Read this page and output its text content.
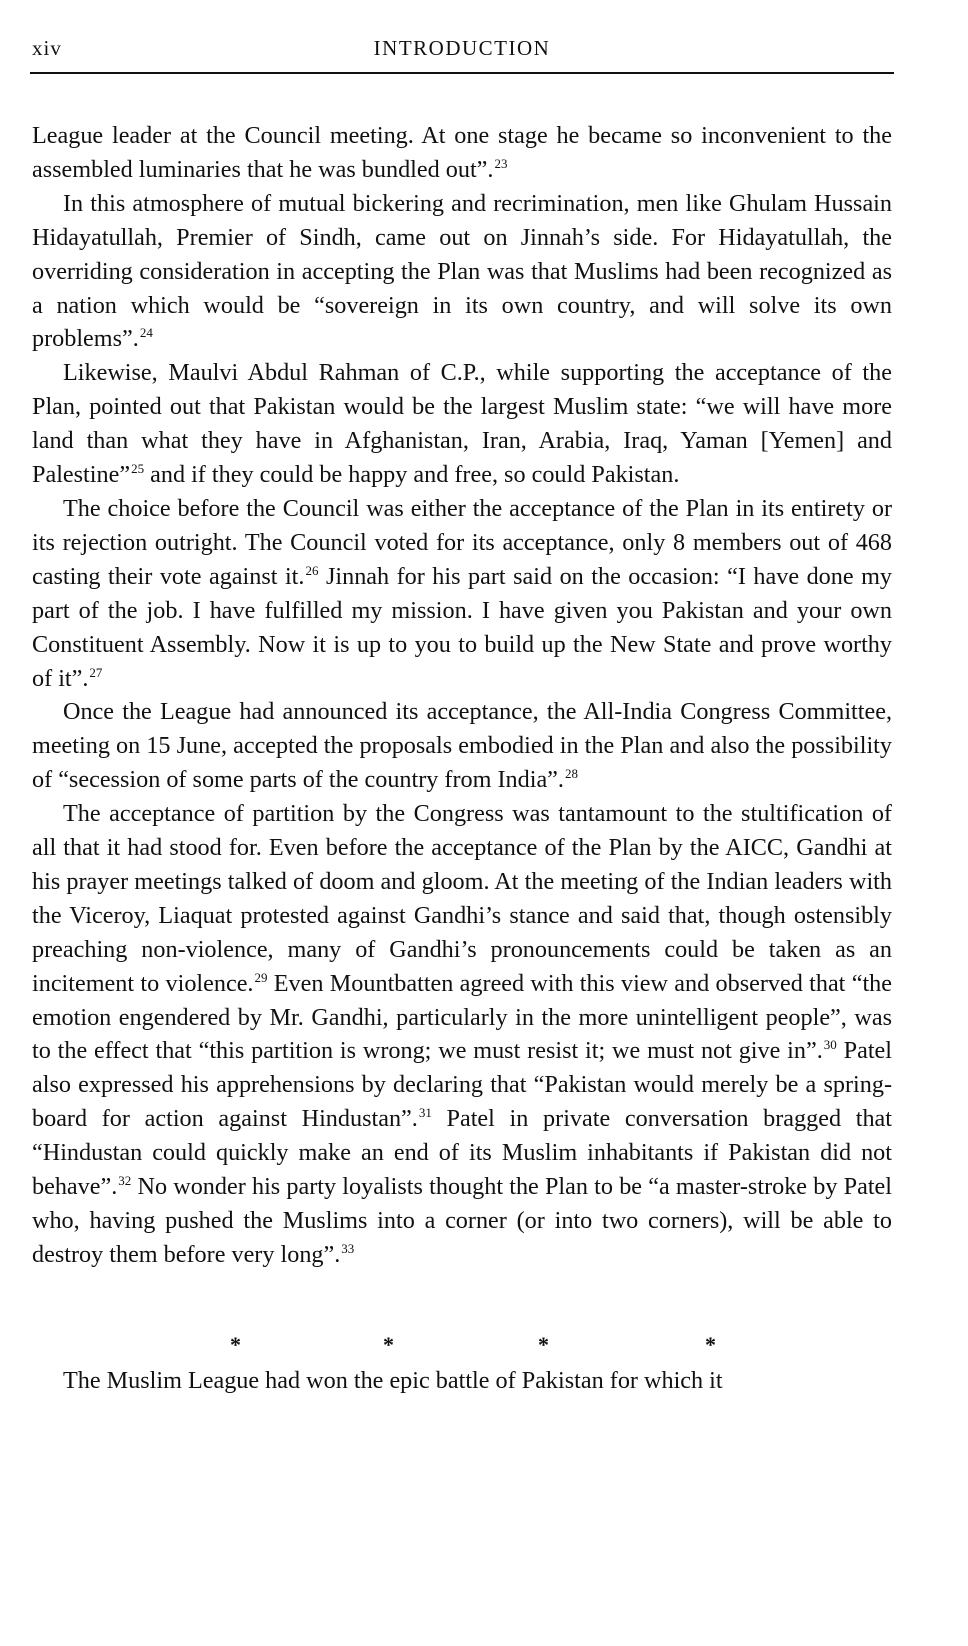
xiv	INTRODUCTION

League leader at the Council meeting. At one stage he became so inconvenient to the assembled luminaries that he was bundled out”.$^{23}$

In this atmosphere of mutual bickering and recrimination, men like Ghulam Hussain Hidayatullah, Premier of Sindh, came out on Jinnah’s side. For Hidayatullah, the overriding consideration in accepting the Plan was that Muslims had been recognized as a nation which would be “sovereign in its own country, and will solve its own problems”.$^{24}$

Likewise, Maulvi Abdul Rahman of C.P., while supporting the acceptance of the Plan, pointed out that Pakistan would be the largest Muslim state: “we will have more land than what they have in Afghanistan, Iran, Arabia, Iraq, Yaman [Yemen] and Palestine”$^{25}$ and if they could be happy and free, so could Pakistan.

The choice before the Council was either the acceptance of the Plan in its entirety or its rejection outright. The Council voted for its acceptance, only 8 members out of 468 casting their vote against it.$^{26}$ Jinnah for his part said on the occasion: “I have done my part of the job. I have fulfilled my mission. I have given you Pakistan and your own Constituent Assembly. Now it is up to you to build up the New State and prove worthy of it”.$^{27}$

Once the League had announced its acceptance, the All-India Congress Committee, meeting on 15 June, accepted the proposals embodied in the Plan and also the possibility of “secession of some parts of the country from India”.$^{28}$

The acceptance of partition by the Congress was tantamount to the stultification of all that it had stood for. Even before the acceptance of the Plan by the AICC, Gandhi at his prayer meetings talked of doom and gloom. At the meeting of the Indian leaders with the Viceroy, Liaquat protested against Gandhi’s stance and said that, though ostensibly preaching non-violence, many of Gandhi’s pronouncements could be taken as an incitement to violence.$^{29}$ Even Mountbatten agreed with this view and observed that “the emotion engendered by Mr. Gandhi, particularly in the more unintelligent people”, was to the effect that “this partition is wrong; we must resist it; we must not give in”.$^{30}$ Patel also expressed his apprehensions by declaring that “Pakistan would merely be a spring-board for action against Hindustan”.$^{31}$ Patel in private conversation bragged that “Hindustan could quickly make an end of its Muslim inhabitants if Pakistan did not behave”.$^{32}$ No wonder his party loyalists thought the Plan to be “a master-stroke by Patel who, having pushed the Muslims into a corner (or into two corners), will be able to destroy them before very long”.$^{33}$

*	*	*	*
The Muslim League had won the epic battle of Pakistan for which it
